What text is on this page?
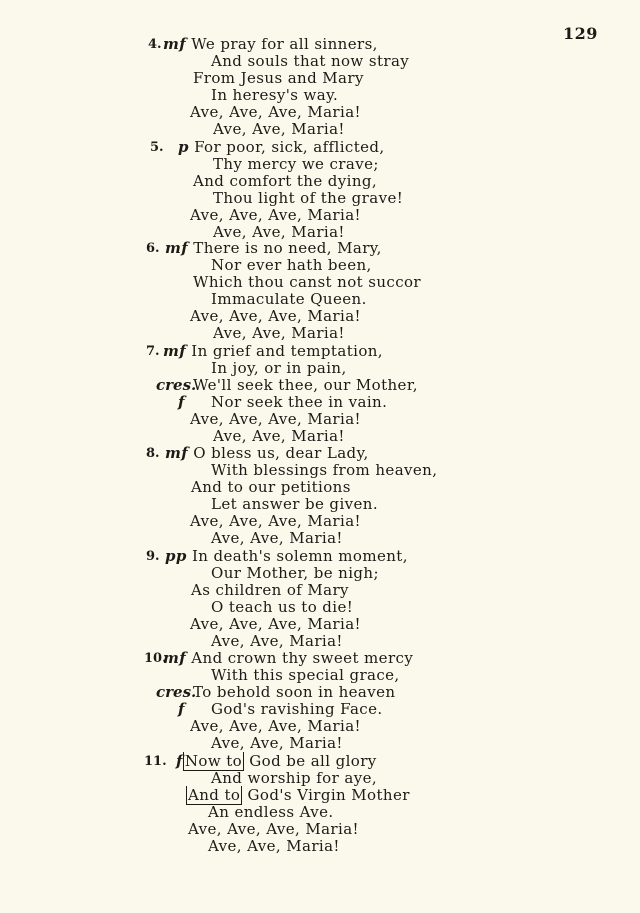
129
4. mf We pray for all sinners,
And souls that now stray
From Jesus and Mary
In heresy's way.
Ave, Ave, Ave, Maria!
Ave, Ave, Maria!
5. p For poor, sick, afflicted,
Thy mercy we crave;
And comfort the dying,
Thou light of the grave!
Ave, Ave, Ave, Maria!
Ave, Ave, Maria!
6. mf There is no need, Mary,
Nor ever hath been,
Which thou canst not succor
Immaculate Queen.
Ave, Ave, Ave, Maria!
Ave, Ave, Maria!
7. mf In grief and temptation,
In joy, or in pain,
cres.
We'll seek thee, our Mother,
f Nor seek thee in vain.
Ave, Ave, Ave, Maria!
Ave, Ave, Maria!
8. mf O bless us, dear Lady,
With blessings from heaven,
And to our petitions
Let answer be given.
Ave, Ave, Ave, Maria!
Ave, Ave, Maria!
9. pp In death's solemn moment,
Our Mother, be nigh;
As children of Mary
O teach us to die!
Ave, Ave, Ave, Maria!
Ave, Ave, Maria!
10.
mf And crown thy sweet mercy
With this special grace,
cres.
To behold soon in heaven
f God's ravishing Face.
Ave, Ave, Ave, Maria!
Ave, Ave, Maria!
11. f Now to God be all glory
And worship for aye,
And to God's Virgin Mother
An endless Ave.
Ave, Ave, Ave, Maria!
Ave, Ave, Maria!
